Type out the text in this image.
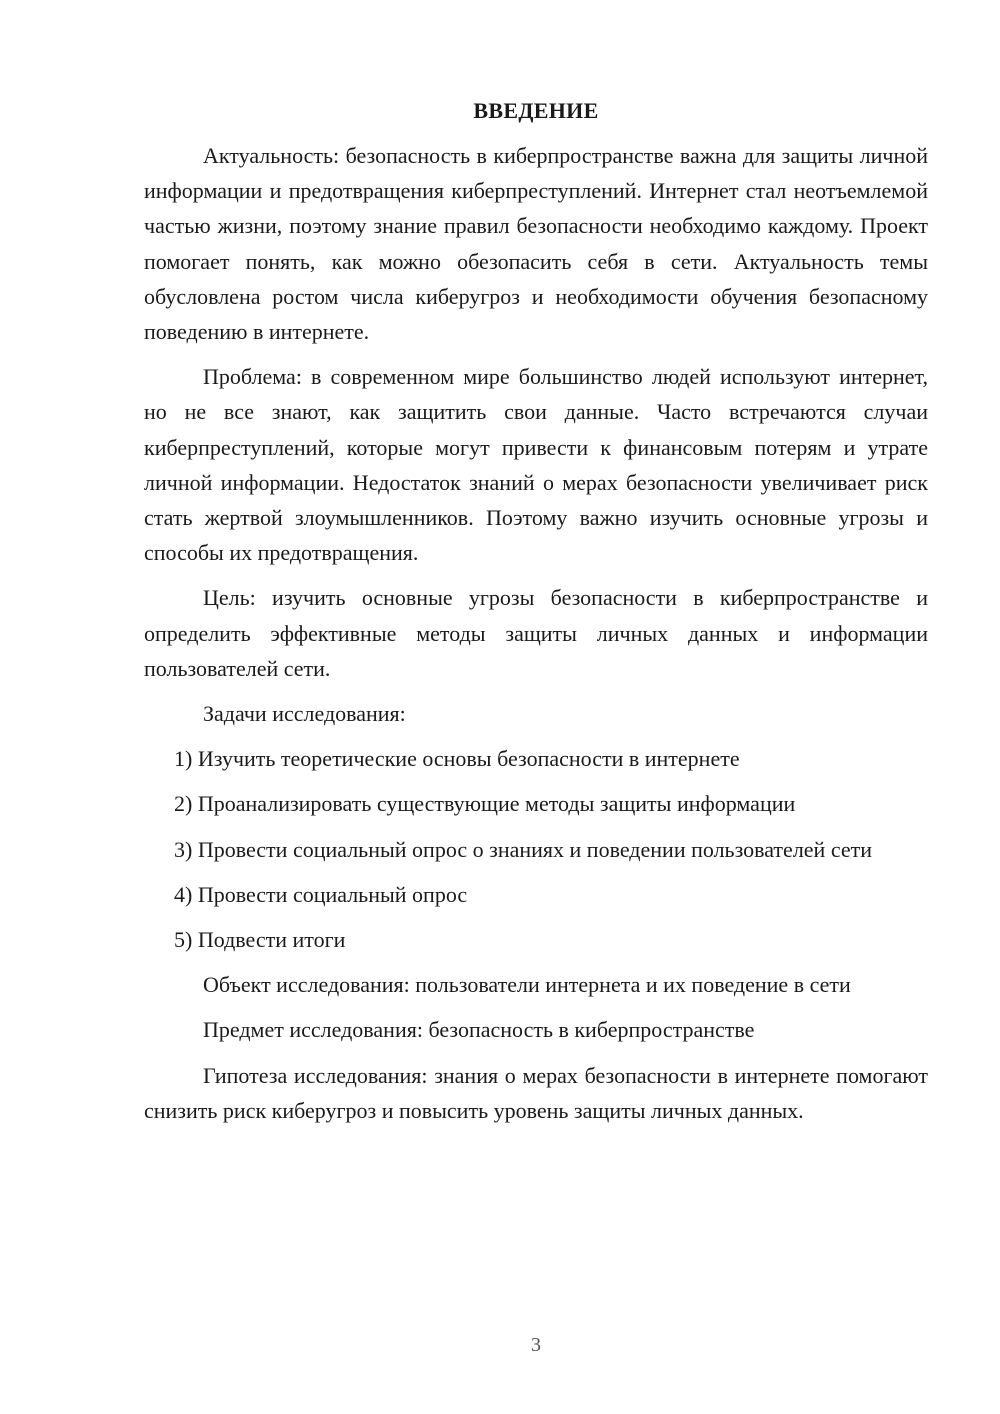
ВВЕДЕНИЕ

Актуальность: безопасность в киберпространстве важна для защиты личной информации и предотвращения киберпреступлений. Интернет стал неотъемлемой частью жизни, поэтому знание правил безопасности необходимо каждому. Проект помогает понять, как можно обезопасить себя в сети. Актуальность темы обусловлена ростом числа киберугроз и необходимости обучения безопасному поведению в интернете.

Проблема: в современном мире большинство людей используют интернет, но не все знают, как защитить свои данные. Часто встречаются случаи киберпреступлений, которые могут привести к финансовым потерям и утрате личной информации. Недостаток знаний о мерах безопасности увеличивает риск стать жертвой злоумышленников. Поэтому важно изучить основные угрозы и способы их предотвращения.

Цель: изучить основные угрозы безопасности в киберпространстве и определить эффективные методы защиты личных данных и информации пользователей сети.

Задачи исследования:

1) Изучить теоретические основы безопасности в интернете
2) Проанализировать существующие методы защиты информации
3) Провести социальный опрос о знаниях и поведении пользователей сети
4) Провести социальный опрос
5) Подвести итоги

Объект исследования: пользователи интернета и их поведение в сети

Предмет исследования: безопасность в киберпространстве

Гипотеза исследования: знания о мерах безопасности в интернете помогают снизить риск киберугроз и повысить уровень защиты личных данных.

3
